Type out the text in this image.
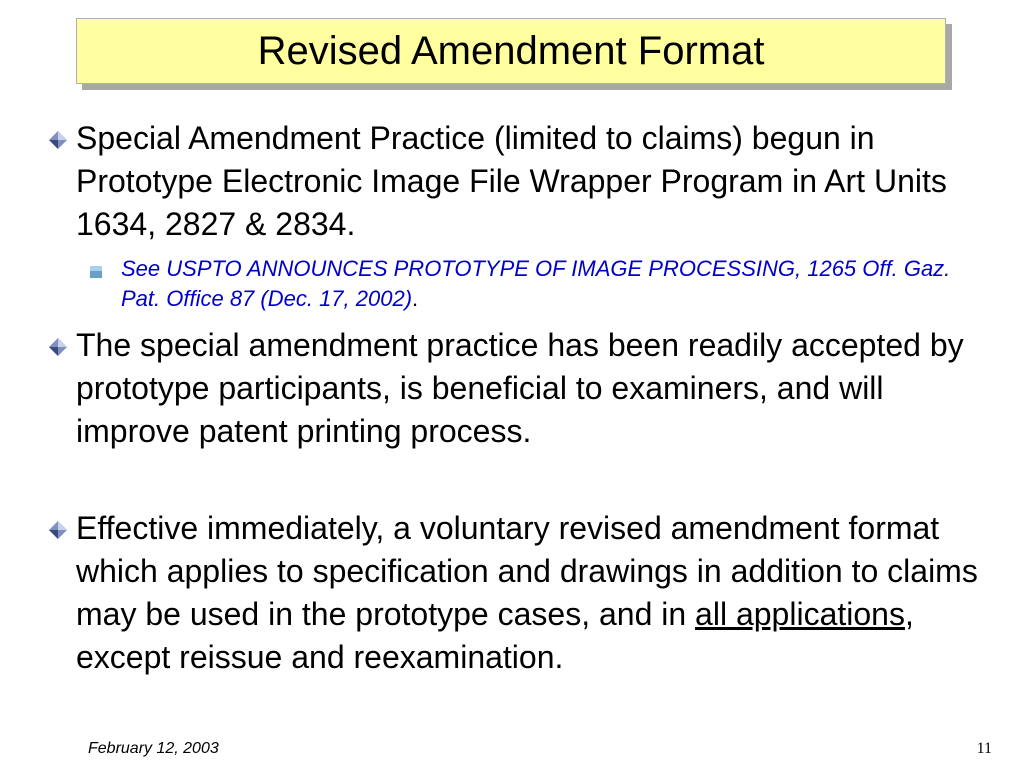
Revised Amendment Format
Special Amendment Practice (limited to claims) begun in Prototype Electronic Image File Wrapper Program in Art Units 1634, 2827 & 2834.
See USPTO ANNOUNCES PROTOTYPE OF IMAGE PROCESSING, 1265 Off. Gaz. Pat. Office 87 (Dec. 17, 2002).
The special amendment practice has been readily accepted by prototype participants, is beneficial to examiners, and will improve patent printing process.
Effective immediately, a voluntary revised amendment format which applies to specification and drawings in addition to claims may be used in the prototype cases, and in all applications, except reissue and reexamination.
February 12, 2003	11
